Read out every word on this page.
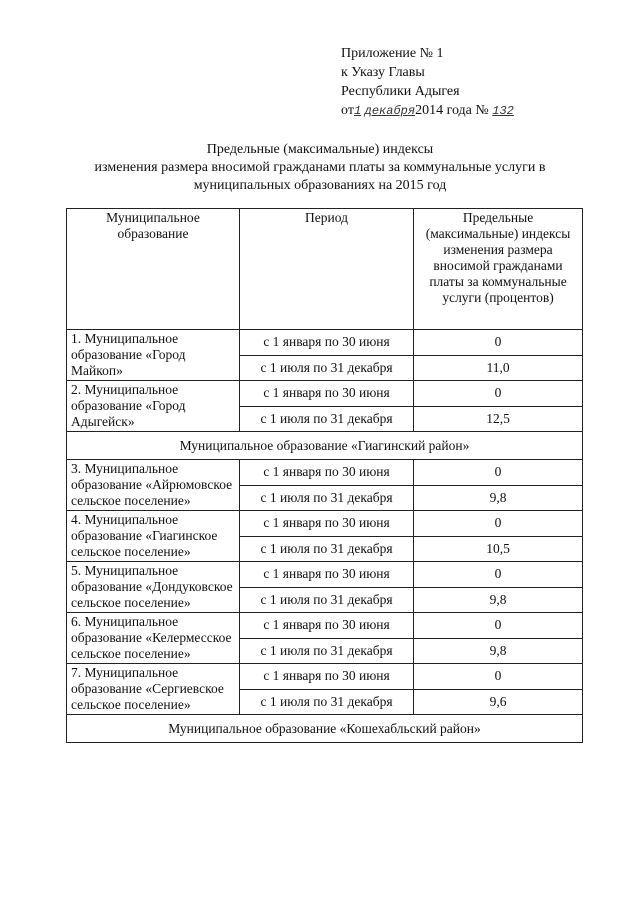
Приложение № 1
к Указу Главы
Республики Адыгея
от1 декабря2014 года № 132
Предельные (максимальные) индексы
изменения размера вносимой гражданами платы за коммунальные услуги в
муниципальных образованиях на 2015 год
Муниципальное образование	Период	Предельные (максимальные) индексы изменения размера вносимой гражданами платы за коммунальные услуги (процентов)
1. Муниципальное образование «Город Майкоп»	с 1 января по 30 июня	0
	с 1 июля по 31 декабря	11,0
2. Муниципальное образование «Город Адыгейск»	с 1 января по 30 июня	0
	с 1 июля по 31 декабря	12,5
Муниципальное образование «Гиагинский район»		
3. Муниципальное образование «Айрюмовское сельское поселение»	с 1 января по 30 июня	0
	с 1 июля по 31 декабря	9,8
4. Муниципальное образование «Гиагинское сельское поселение»	с 1 января по 30 июня	0
	с 1 июля по 31 декабря	10,5
5. Муниципальное образование «Дондуковское сельское поселение»	с 1 января по 30 июня	0
	с 1 июля по 31 декабря	9,8
6. Муниципальное образование «Келермесское сельское поселение»	с 1 января по 30 июня	0
	с 1 июля по 31 декабря	9,8
7. Муниципальное образование «Сергиевское сельское поселение»	с 1 января по 30 июня	0
	с 1 июля по 31 декабря	9,6
Муниципальное образование «Кошехабльский район»		
